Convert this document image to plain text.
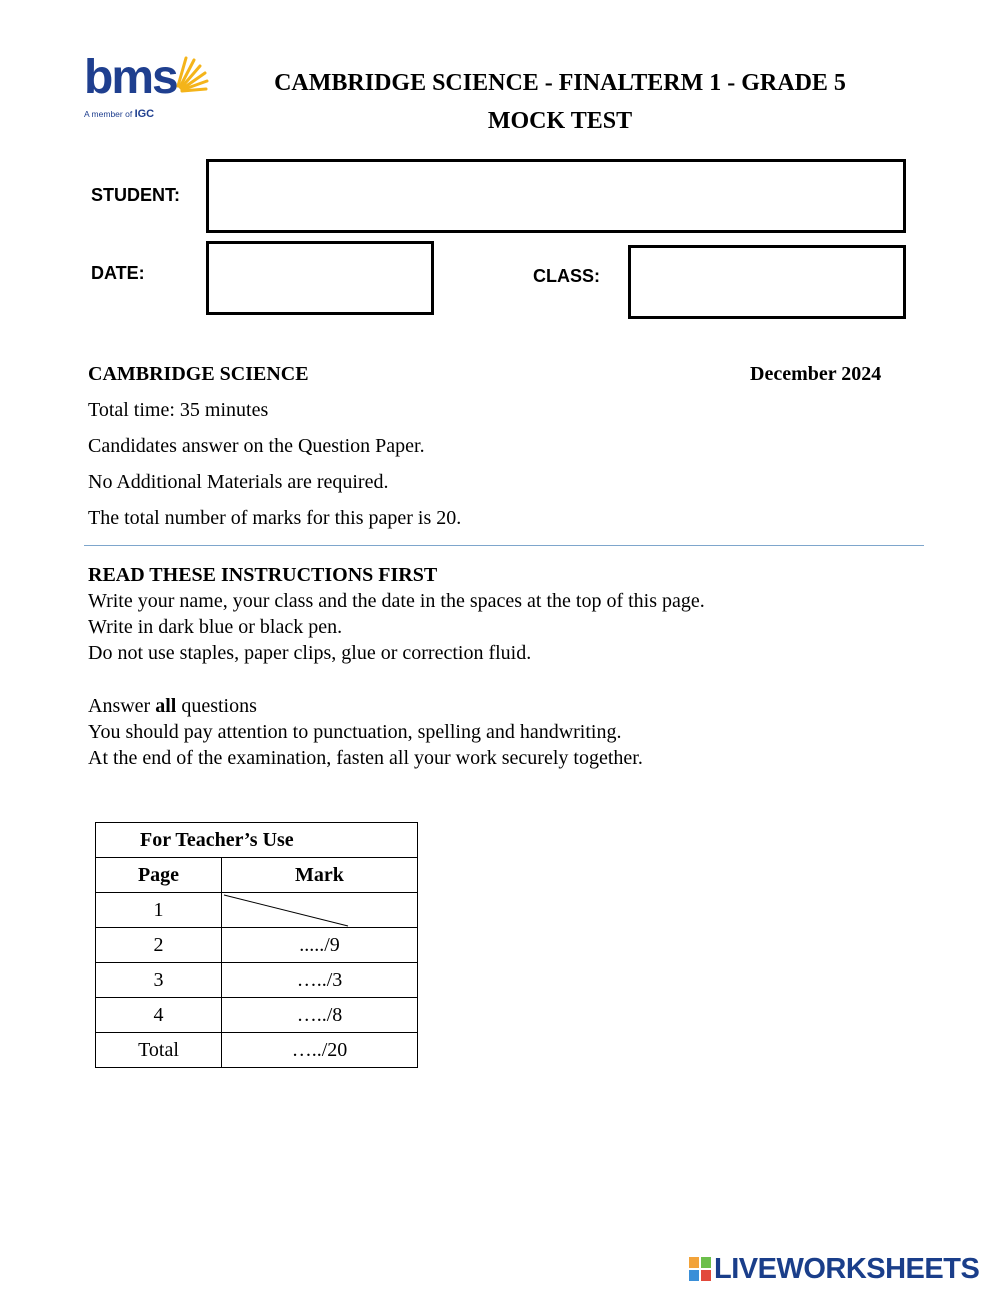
bms
A member of IGC
CAMBRIDGE SCIENCE - FINALTERM 1 - GRADE 5
MOCK TEST
STUDENT:
DATE:	CLASS:
CAMBRIDGE SCIENCE	December 2024
Total time: 35 minutes
Candidates answer on the Question Paper.
No Additional Materials are required.
The total number of marks for this paper is 20.
READ THESE INSTRUCTIONS FIRST
Write your name, your class and the date in the spaces at the top of this page.
Write in dark blue or black pen.
Do not use staples, paper clips, glue or correction fluid.
Answer all questions
You should pay attention to punctuation, spelling and handwriting.
At the end of the examination, fasten all your work securely together.
For Teacher’s Use	
Page	Mark
1	

2	...../9
3	…../3
4	…../8
Total	…../20
LIVEWORKSHEETS
